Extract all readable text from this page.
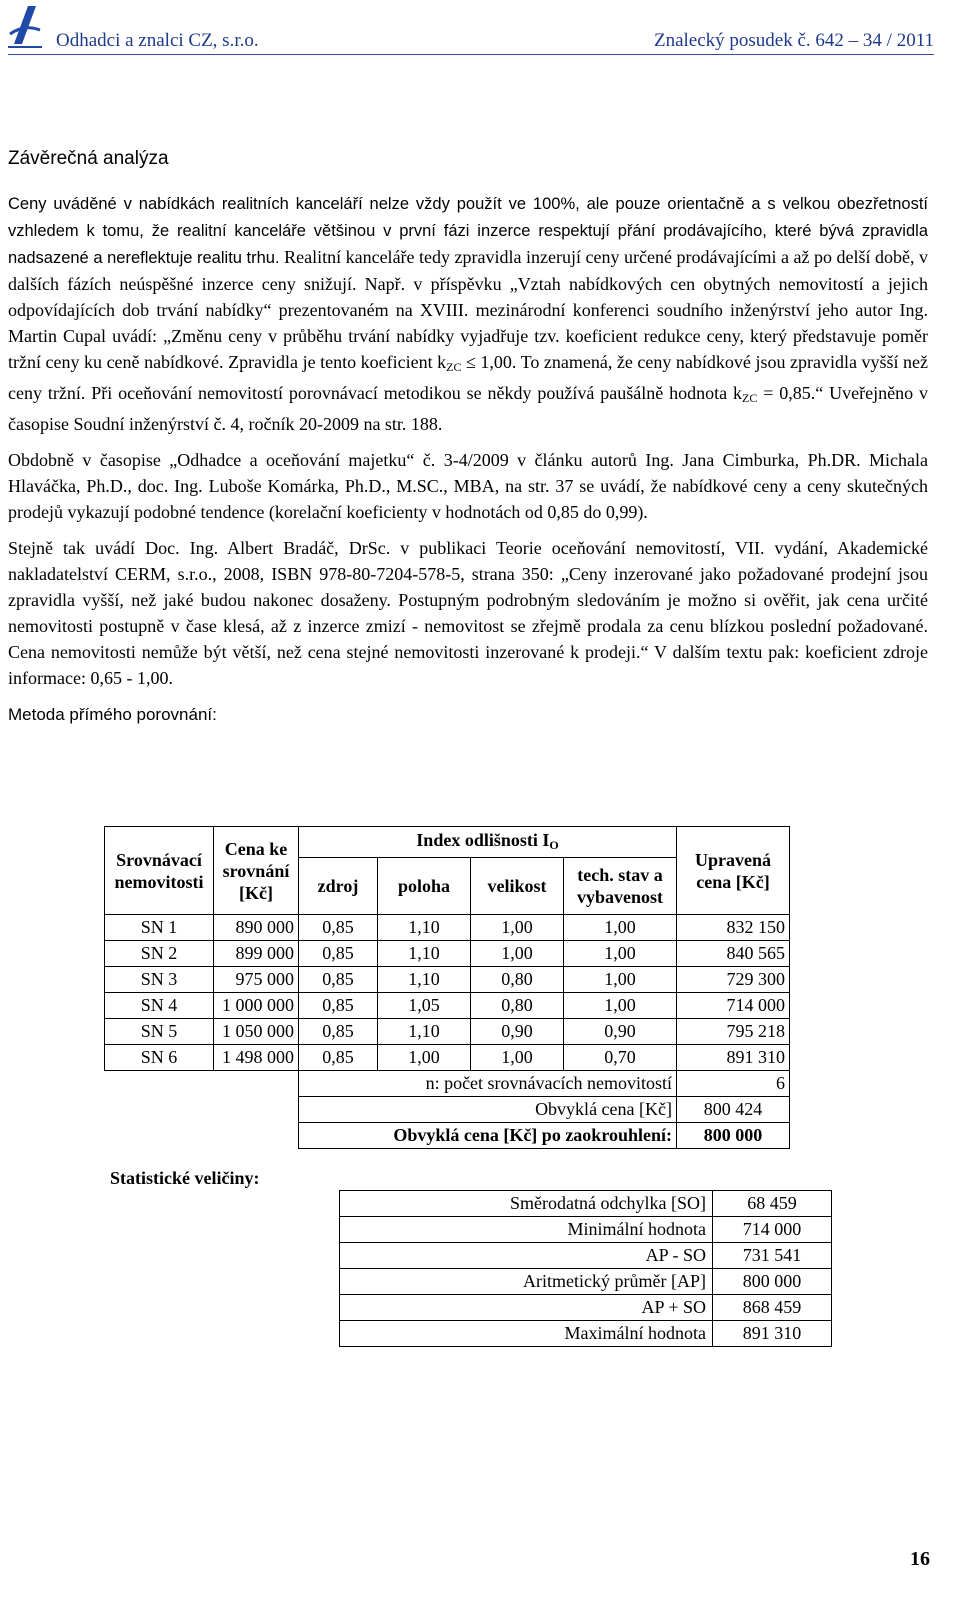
Odhadci a znalci CZ, s.r.o.	Znalecký posudek č. 642 – 34 / 2011
Závěrečná analýza
Ceny uváděné v nabídkách realitních kanceláří nelze vždy použít ve 100%, ale pouze orientačně a s velkou obezřetností vzhledem k tomu, že realitní kanceláře většinou v první fázi inzerce respektují přání prodávajícího, které bývá zpravidla nadsazené a nereflektuje realitu trhu. Realitní kanceláře tedy zpravidla inzerují ceny určené prodávajícími a až po delší době, v dalších fázích neúspěšné inzerce ceny snižují. Např. v příspěvku „Vztah nabídkových cen obytných nemovitostí a jejich odpovídajících dob trvání nabídky“ prezentovaném na XVIII. mezinárodní konferenci soudního inženýrství jeho autor Ing. Martin Cupal uvádí: „Změnu ceny v průběhu trvání nabídky vyjadřuje tzv. koeficient redukce ceny, který představuje poměr tržní ceny ku ceně nabídkové. Zpravidla je tento koeficient $k_{ZC} \le 1,00$. To znamená, že ceny nabídkové jsou zpravidla vyšší než ceny tržní. Při oceňování nemovitostí porovnávací metodikou se někdy používá paušálně hodnota $k_{ZC}$ = 0,85.“ Uveřejněno v časopise Soudní inženýrství č. 4, ročník 20-2009 na str. 188.
Obdobně v časopise „Odhadce a oceňování majetku“ č. 3-4/2009 v článku autorů Ing. Jana Cimburka, Ph.DR. Michala Hlaváčka, Ph.D., doc. Ing. Luboše Komárka, Ph.D., M.SC., MBA, na str. 37 se uvádí, že nabídkové ceny a ceny skutečných prodejů vykazují podobné tendence (korelační koeficienty v hodnotách od 0,85 do 0,99).
Stejně tak uvádí Doc. Ing. Albert Bradáč, DrSc. v publikaci Teorie oceňování nemovitostí, VII. vydání, Akademické nakladatelství CERM, s.r.o., 2008, ISBN 978-80-7204-578-5, strana 350: „Ceny inzerované jako požadované prodejní jsou zpravidla vyšší, než jaké budou nakonec dosaženy. Postupným podrobným sledováním je možno si ověřit, jak cena určité nemovitosti postupně v čase klesá, až z inzerce zmizí - nemovitost se zřejmě prodala za cenu blízkou poslední požadované. Cena nemovitosti nemůže být větší, než cena stejné nemovitosti inzerované k prodeji.“ V dalším textu pak: koeficient zdroje informace: 0,65 - 1,00.
Metoda přímého porovnání:
Srovnávací nemovitosti	Cena ke srovnání [Kč]	Index odlišnosti $I_O$				Upravená cena [Kč]
		zdroj	poloha	velikost	tech. stav a vybavenost	
SN 1	890 000	0,85	1,10	1,00	1,00	832 150
SN 2	899 000	0,85	1,10	1,00	1,00	840 565
SN 3	975 000	0,85	1,10	0,80	1,00	729 300
SN 4	1 000 000	0,85	1,05	0,80	1,00	714 000
SN 5	1 050 000	0,85	1,10	0,90	0,90	795 218
SN 6	1 498 000	0,85	1,00	1,00	0,70	891 310
		n: počet srovnávacích nemovitostí				6
		Obvyklá cena [Kč]				800 424
		Obvyklá cena [Kč] po zaokrouhlení:				800 000
Statistické veličiny:
Směrodatná odchylka [SO]	68 459
Minimální hodnota	714 000
AP - SO	731 541
Aritmetický průměr [AP]	800 000
AP + SO	868 459
Maximální hodnota	891 310
16
